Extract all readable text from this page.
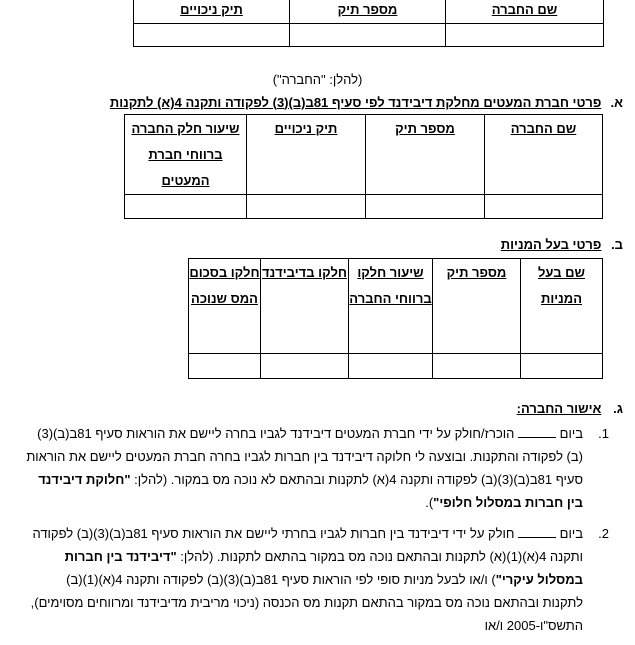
שם החברה	מספר תיק	תיק ניכויים

(להלן: "החברה")
א. פרטי חברת המעטים מחלקת דיבידנד לפי סעיף 81ב(ב)(3) לפקודה ותקנה 4(א) לתקנות
שם החברה	מספר תיק	תיק ניכויים	שיעור חלק החברה ברווחי חברת המעטים

ב. פרטי בעל המניות
שם בעל המניות	מספר תיק	שיעור חלקו ברווחי החברה	חלקו בדיבידנד	חלקו בסכום המס שנוכה

ג. אישור החברה:
1.
ביום  הוכרז/חולק על ידי חברת המעטים דיבידנד לגביו בחרה ליישם את הוראות סעיף 81ב(ב)(3)(ב) לפקודה והתקנות. ובוצעה לי חלוקה דיבידנד בין חברות לגביו בחרה חברת המעטים ליישם את הוראות סעיף 81ב(ב)(3)(ב) לפקודה ותקנה 4(א) לתקנות ובהתאם לא נוכה מס במקור. (להלן: "חלוקת דיבידנד בין חברות במסלול חלופי").
2.
ביום  חולק על ידי דיבידנד בין חברות לגביו בחרתי ליישם את הוראות סעיף 81ב(ב)(3)(ב) לפקודה ותקנה 4(א)(1)(א) לתקנות ובהתאם נוכה מס במקור בהתאם לתקנות. (להלן: "דיבידנד בין חברות במסלול עיקרי") ו/או לבעל מניות סופי לפי הוראות סעיף 81ב(ב)(3)(ב) לפקודה ותקנה 4(א)(1)(ב) לתקנות ובהתאם נוכה מס במקור בהתאם תקנות מס הכנסה (ניכוי מריבית מדיבידנד ומרווחים מסוימים), התשס"ו-2005 ו/או
